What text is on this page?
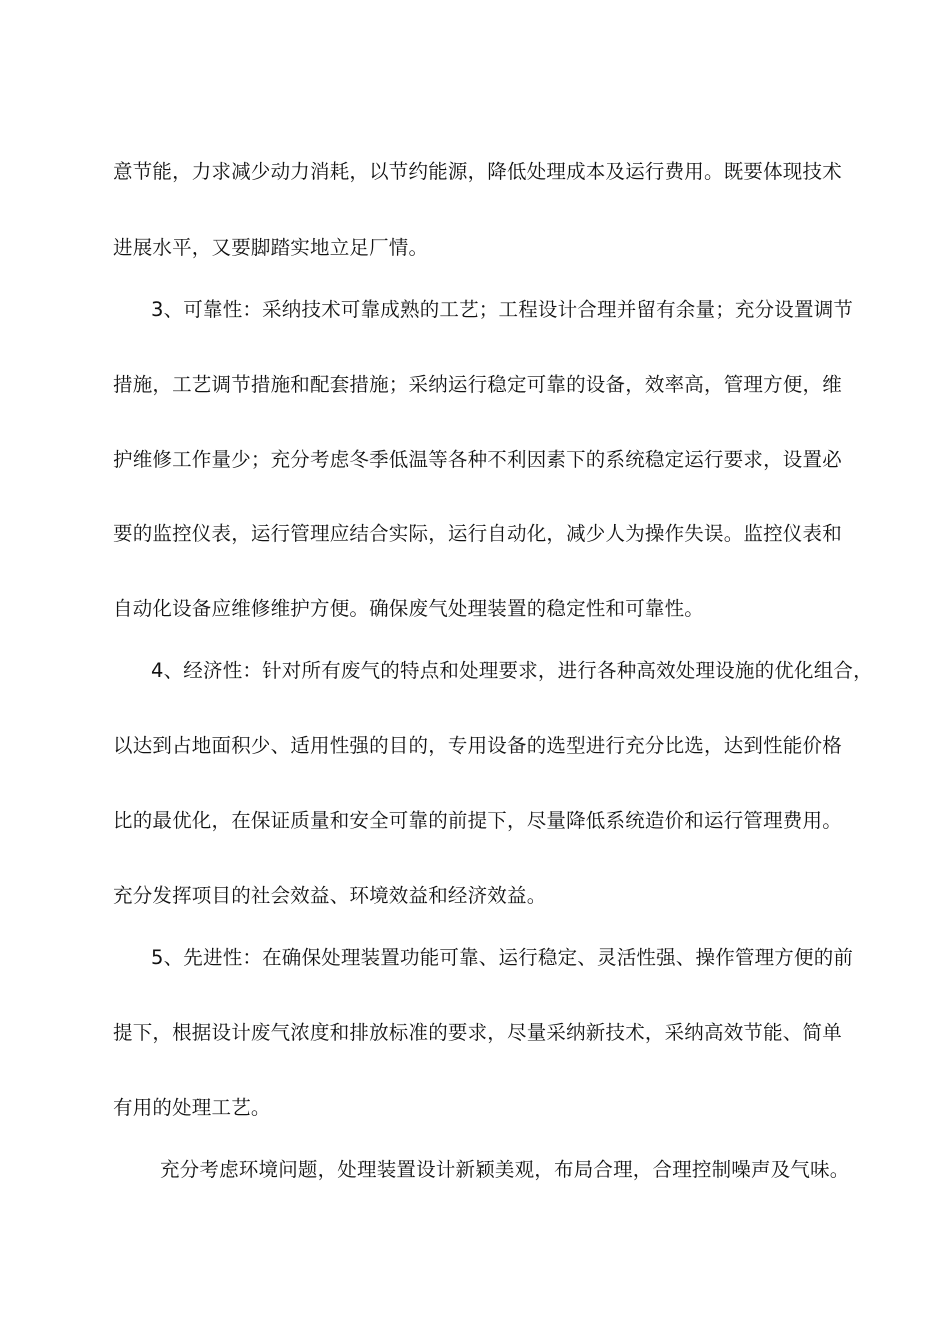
意节能，力求减少动力消耗，以节约能源，降低处理成本及运行费用。既要体现技术
进展水平，又要脚踏实地立足厂情。
3、可靠性：采纳技术可靠成熟的工艺；工程设计合理并留有余量；充分设置调节
措施，工艺调节措施和配套措施；采纳运行稳定可靠的设备，效率高，管理方便，维
护维修工作量少；充分考虑冬季低温等各种不利因素下的系统稳定运行要求，设置必
要的监控仪表，运行管理应结合实际，运行自动化，减少人为操作失误。监控仪表和
自动化设备应维修维护方便。确保废气处理装置的稳定性和可靠性。
4、经济性：针对所有废气的特点和处理要求，进行各种高效处理设施的优化组合，
以达到占地面积少、适用性强的目的，专用设备的选型进行充分比选，达到性能价格
比的最优化，在保证质量和安全可靠的前提下，尽量降低系统造价和运行管理费用。
充分发挥项目的社会效益、环境效益和经济效益。
5、先进性：在确保处理装置功能可靠、运行稳定、灵活性强、操作管理方便的前
提下，根据设计废气浓度和排放标准的要求，尽量采纳新技术，采纳高效节能、简单
有用的处理工艺。
充分考虑环境问题，处理装置设计新颖美观，布局合理，合理控制噪声及气味。
